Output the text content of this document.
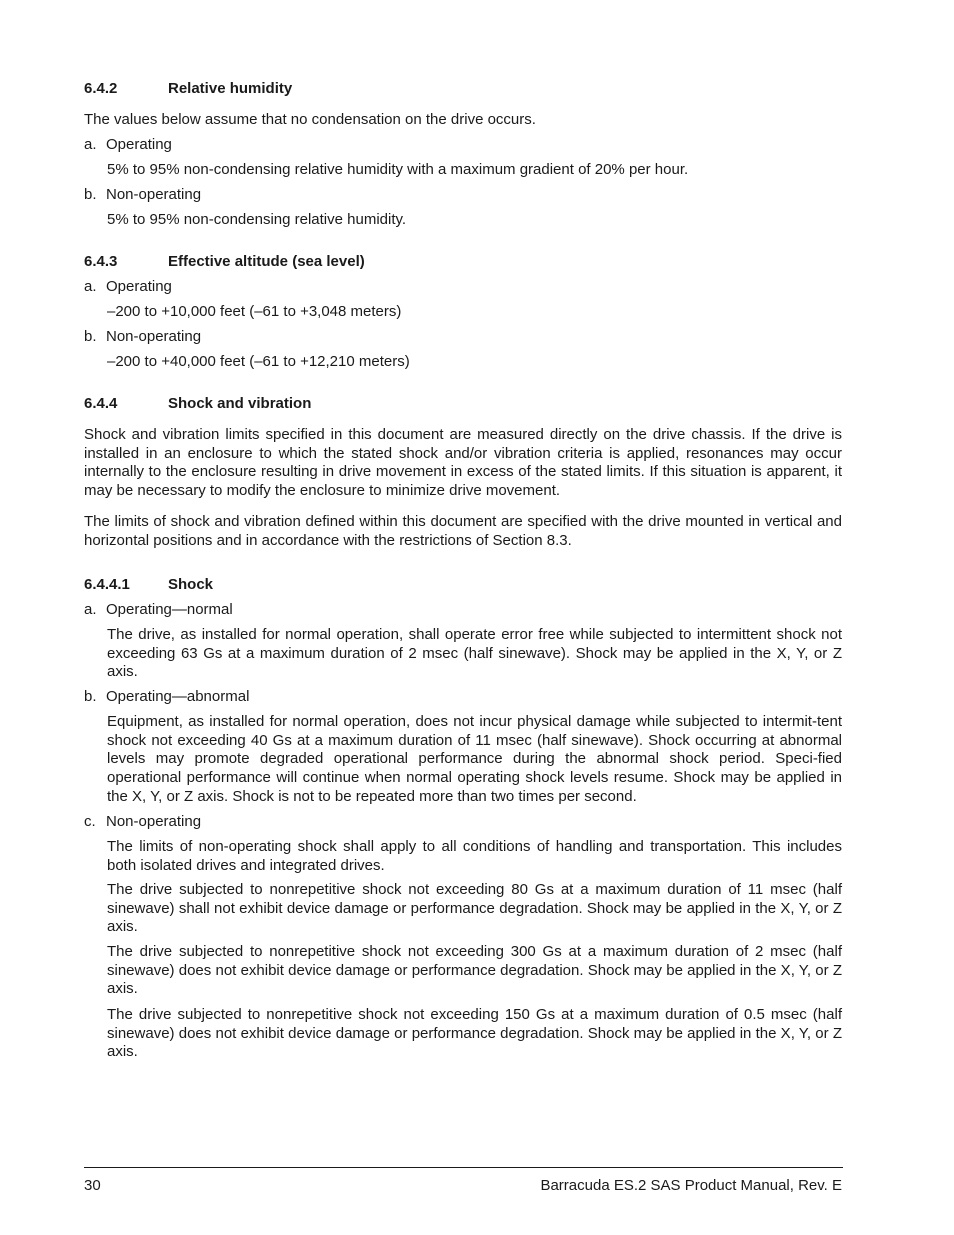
6.4.2	Relative humidity
The values below assume that no condensation on the drive occurs.
a. Operating
5% to 95% non-condensing relative humidity with a maximum gradient of 20% per hour.
b. Non-operating
5% to 95% non-condensing relative humidity.
6.4.3	Effective altitude (sea level)
a. Operating
–200 to +10,000 feet (–61 to +3,048 meters)
b. Non-operating
–200 to +40,000 feet (–61 to +12,210 meters)
6.4.4	Shock and vibration
Shock and vibration limits specified in this document are measured directly on the drive chassis. If the drive is installed in an enclosure to which the stated shock and/or vibration criteria is applied, resonances may occur internally to the enclosure resulting in drive movement in excess of the stated limits. If this situation is apparent, it may be necessary to modify the enclosure to minimize drive movement.
The limits of shock and vibration defined within this document are specified with the drive mounted in vertical and horizontal positions and in accordance with the restrictions of Section 8.3.
6.4.4.1	Shock
a. Operating—normal
The drive, as installed for normal operation, shall operate error free while subjected to intermittent shock not exceeding 63 Gs at a maximum duration of 2 msec (half sinewave). Shock may be applied in the X, Y, or Z axis.
b. Operating—abnormal
Equipment, as installed for normal operation, does not incur physical damage while subjected to intermit-tent shock not exceeding 40 Gs at a maximum duration of 11 msec (half sinewave). Shock occurring at abnormal levels may promote degraded operational performance during the abnormal shock period. Speci-fied operational performance will continue when normal operating shock levels resume. Shock may be applied in the X, Y, or Z axis. Shock is not to be repeated more than two times per second.
c. Non-operating
The limits of non-operating shock shall apply to all conditions of handling and transportation. This includes both isolated drives and integrated drives.
The drive subjected to nonrepetitive shock not exceeding 80 Gs at a maximum duration of 11 msec (half sinewave) shall not exhibit device damage or performance degradation. Shock may be applied in the X, Y, or Z axis.
The drive subjected to nonrepetitive shock not exceeding 300 Gs at a maximum duration of 2 msec (half sinewave) does not exhibit device damage or performance degradation. Shock may be applied in the X, Y, or Z axis.
The drive subjected to nonrepetitive shock not exceeding 150 Gs at a maximum duration of 0.5 msec (half sinewave) does not exhibit device damage or performance degradation. Shock may be applied in the X, Y, or Z axis.
30	Barracuda ES.2 SAS Product Manual, Rev. E
